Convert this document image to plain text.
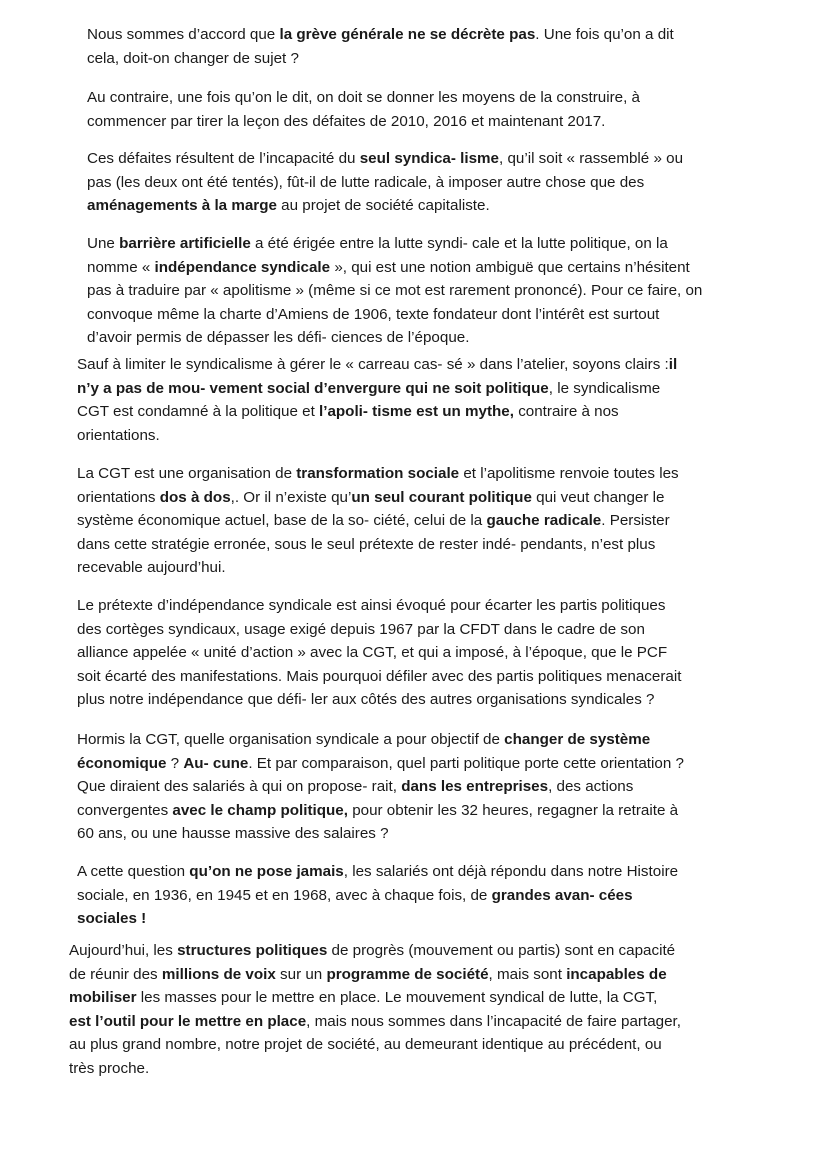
Nous sommes d’accord que la grève générale ne se décrète pas. Une fois qu’on a dit
cela, doit-on changer de sujet ?
Au contraire, une fois qu’on le dit, on doit se donner les moyens de la construire, à
commencer par tirer la leçon des défaites de 2010, 2016 et maintenant 2017.
Ces défaites résultent de l’incapacité du seul syndica- lisme, qu’il soit « rassemblé » ou
pas (les deux ont été tentés), fût-il de lutte radicale, à imposer autre chose que des
aménagements à la marge au projet de société capitaliste.
Une barrière artificielle a été érigée entre la lutte syndi- cale et la lutte politique, on la
nomme « indépendance syndicale », qui est une notion ambiguë que certains n’hésitent
pas à traduire par « apolitisme » (même si ce mot est rarement prononcé). Pour ce faire, on
convoque même la charte d’Amiens de 1906, texte fondateur dont l’intérêt est surtout
d’avoir permis de dépasser les défi- ciences de l’époque.
Sauf à limiter le syndicalisme à gérer le « carreau cas- sé » dans l’atelier, soyons clairs :il
n’y a pas de mou- vement social d’envergure qui ne soit politique, le syndicalisme
CGT est condamné à la politique et l’apoli- tisme est un mythe, contraire à nos
orientations.
La CGT est une organisation de transformation sociale et l’apolitisme renvoie toutes les
orientations dos à dos,. Or il n’existe qu’un seul courant politique qui veut changer le
système économique actuel, base de la so- ciété, celui de la gauche radicale. Persister
dans cette stratégie erronée, sous le seul prétexte de rester indé- pendants, n’est plus
recevable aujourd’hui.
Le prétexte d’indépendance syndicale est ainsi évoqué pour écarter les partis politiques
des cortèges syndicaux, usage exigé depuis 1967 par la CFDT dans le cadre de son
alliance appelée « unité d’action » avec la CGT, et qui a imposé, à l’époque, que le PCF
soit écarté des manifestations. Mais pourquoi défiler avec des partis politiques menacerait
plus notre indépendance que défi- ler aux côtés des autres organisations syndicales ?
Hormis la CGT, quelle organisation syndicale a pour objectif de changer de système
économique ? Au- cune. Et par comparaison, quel parti politique porte cette orientation ?
Que diraient des salariés à qui on propose- rait, dans les entreprises, des actions
convergentes avec le champ politique, pour obtenir les 32 heures, regagner la retraite à
60 ans, ou une hausse massive des salaires ?
A cette question qu’on ne pose jamais, les salariés ont déjà répondu dans notre Histoire
sociale, en 1936, en 1945 et en 1968, avec à chaque fois, de grandes avan- cées
sociales !
Aujourd’hui, les structures politiques de progrès (mouvement ou partis) sont en capacité
de réunir des millions de voix sur un programme de société, mais sont incapables de
mobiliser les masses pour le mettre en place. Le mouvement syndical de lutte, la CGT,
est l’outil pour le mettre en place, mais nous sommes dans l’incapacité de faire partager,
au plus grand nombre, notre projet de société, au demeurant identique au précédent, ou
très proche.
